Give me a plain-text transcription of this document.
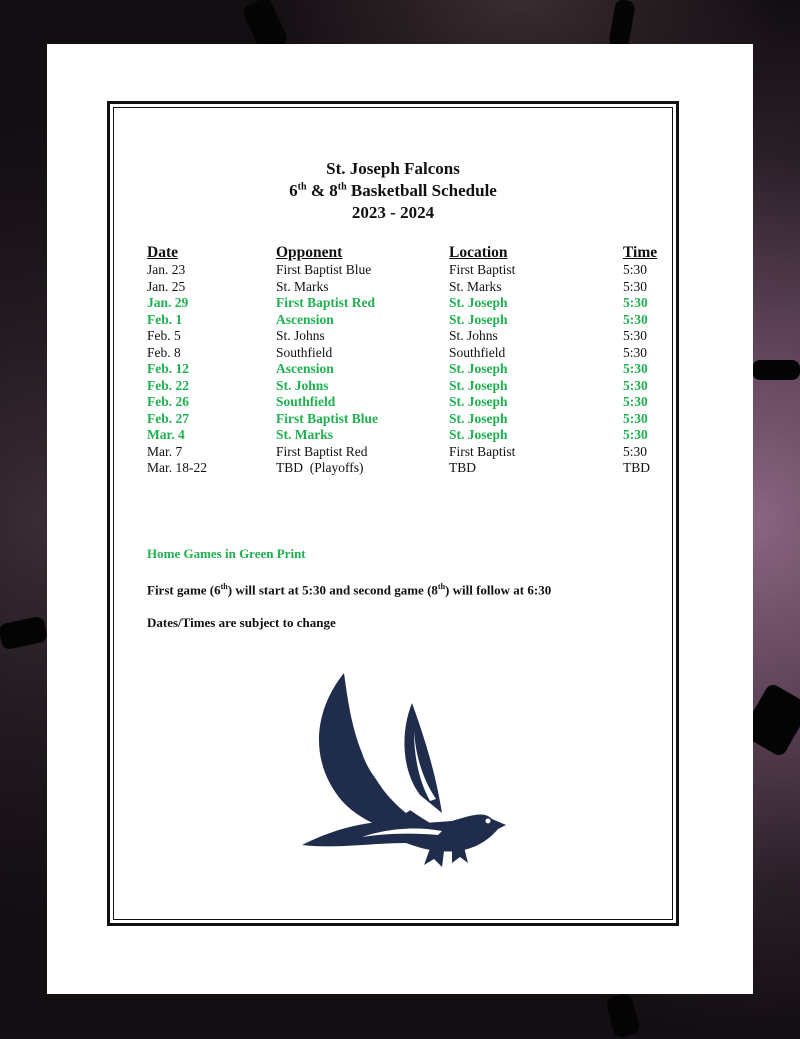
St. Joseph Falcons
6th & 8th Basketball Schedule
2023 - 2024
Date	Opponent	Location	Time
Jan. 23	First Baptist Blue	First Baptist	5:30
Jan. 25	St. Marks	St. Marks	5:30
Jan. 29	First Baptist Red	St. Joseph	5:30
Feb. 1	Ascension	St. Joseph	5:30
Feb. 5	St. Johns	St. Johns	5:30
Feb. 8	Southfield	Southfield	5:30
Feb. 12	Ascension	St. Joseph	5:30
Feb. 22	St. Johns	St. Joseph	5:30
Feb. 26	Southfield	St. Joseph	5:30
Feb. 27	First Baptist Blue	St. Joseph	5:30
Mar. 4	St. Marks	St. Joseph	5:30
Mar. 7	First Baptist Red	First Baptist	5:30
Mar. 18-22	TBD  (Playoffs)	TBD	TBD
Home Games in Green Print
First game (6th) will start at 5:30 and second game (8th) will follow at 6:30
Dates/Times are subject to change
